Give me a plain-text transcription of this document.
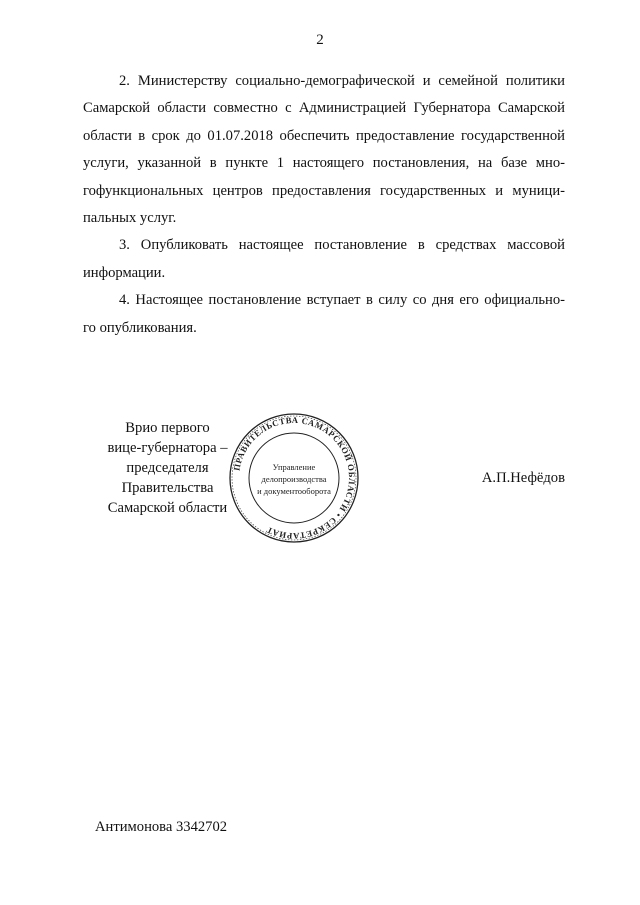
2
2. Министерству социально-демографической и семейной политики
Самарской области совместно с Администрацией Губернатора Самарской
области в срок до 01.07.2018 обеспечить предоставление государственной
услуги, указанной в пункте 1 настоящего постановления, на базе мно-
гофункциональных центров предоставления государственных и муници-
пальных услуг.
3. Опубликовать настоящее постановление в средствах массовой
информации.
4. Настоящее постановление вступает в силу со дня его официально-
го опубликования.
Врио первого
вице-губернатора –
председателя Правительства
Самарской области
ПРАВИТЕЛЬСТВА САМАРСКОЙ ОБЛАСТИ • СЕКРЕТАРИАТ
Управление
делопроизводства
и документооборота
А.П.Нефёдов
Антимонова 3342702
